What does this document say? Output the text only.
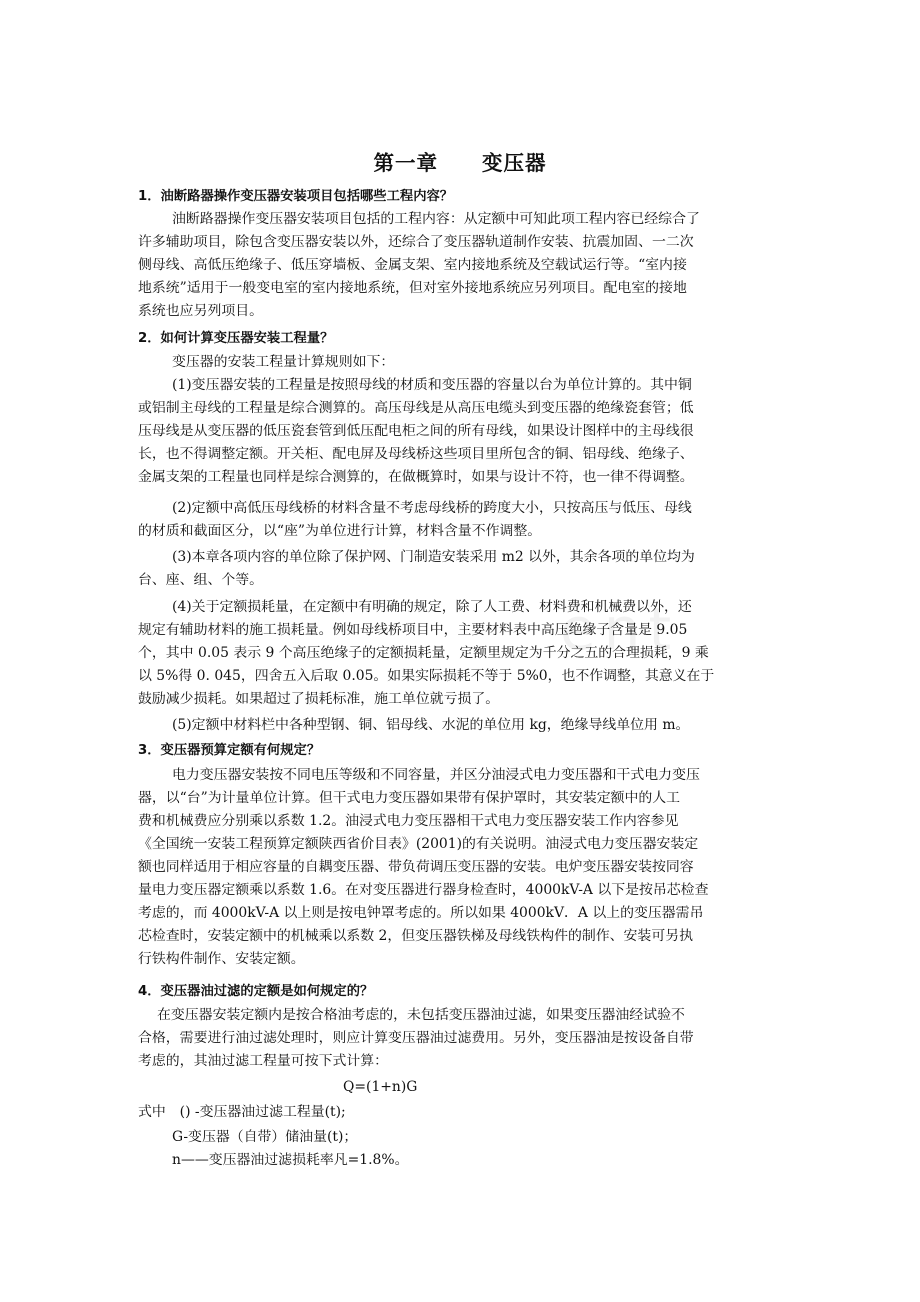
ent
第一章 变压器
1．油断路器操作变压器安装项目包括哪些工程内容？
油断路器操作变压器安装项目包括的工程内容：从定额中可知此项工程内容已经综合了
许多辅助项目，除包含变压器安装以外，还综合了变压器轨道制作安装、抗震加固、一二次
侧母线、高低压绝缘子、低压穿墙板、金属支架、室内接地系统及空载试运行等。“室内接
地系统”适用于一般变电室的室内接地系统，但对室外接地系统应另列项目。配电室的接地
系统也应另列项目。
2．如何计算变压器安装工程量？
变压器的安装工程量计算规则如下：
(1)变压器安装的工程量是按照母线的材质和变压器的容量以台为单位计算的。其中铜
或铝制主母线的工程量是综合测算的。高压母线是从高压电缆头到变压器的绝缘瓷套管；低
压母线是从变压器的低压瓷套管到低压配电柜之间的所有母线，如果设计图样中的主母线很
长，也不得调整定额。开关柜、配电屏及母线桥这些项目里所包含的铜、铝母线、绝缘子、
金属支架的工程量也同样是综合测算的，在做概算时，如果与设计不符，也一律不得调整。
(2)定额中高低压母线桥的材料含量不考虑母线桥的跨度大小，只按高压与低压、母线
的材质和截面区分，以“座”为单位进行计算，材料含量不作调整。
(3)本章各项内容的单位除了保护网、门制造安装采用 m2 以外，其余各项的单位均为
台、座、组、个等。
(4)关于定额损耗量，在定额中有明确的规定，除了人工费、材料费和机械费以外，还
规定有辅助材料的施工损耗量。例如母线桥项目中，主要材料表中高压绝缘子含量是 9.05
个，其中 0.05 表示 9 个高压绝缘子的定额损耗量，定额里规定为千分之五的合理损耗，9 乘
以 5%得 0. 045，四舍五入后取 0.05。如果实际损耗不等于 5%0，也不作调整，其意义在于
鼓励减少损耗。如果超过了损耗标准，施工单位就亏损了。
(5)定额中材料栏中各种型钢、铜、铝母线、水泥的单位用 kg，绝缘导线单位用 m。
3．变压器预算定额有何规定？
电力变压器安装按不同电压等级和不同容量，并区分油浸式电力变压器和干式电力变压
器，以“台”为计量单位计算。但干式电力变压器如果带有保护罩时，其安装定额中的人工
费和机械费应分别乘以系数 1.2。油浸式电力变压器相干式电力变压器安装工作内容参见
《全国统一安装工程预算定额陕西省价目表》(2001)的有关说明。油浸式电力变压器安装定
额也同样适用于相应容量的自耦变压器、带负荷调压变压器的安装。电炉变压器安装按同容
量电力变压器定额乘以系数 1.6。在对变压器进行器身检查时，4000kV-A 以下是按吊芯检查
考虑的，而 4000kV-A 以上则是按电钟罩考虑的。所以如果 4000kV．A 以上的变压器需吊
芯检查时，安装定额中的机械乘以系数 2，但变压器铁梯及母线铁构件的制作、安装可另执
行铁构件制作、安装定额。
4．变压器油过滤的定额是如何规定的？
在变压器安装定额内是按合格油考虑的，未包括变压器油过滤，如果变压器油经试验不
合格，需要进行油过滤处理时，则应计算变压器油过滤费用。另外，变压器油是按设备自带
考虑的，其油过滤工程量可按下式计算：
Q=(1+n)G
式中　() -变压器油过滤工程量(t);
G-变压器（自带）储油量(t)；
n——变压器油过滤损耗率凡=1.8%。
